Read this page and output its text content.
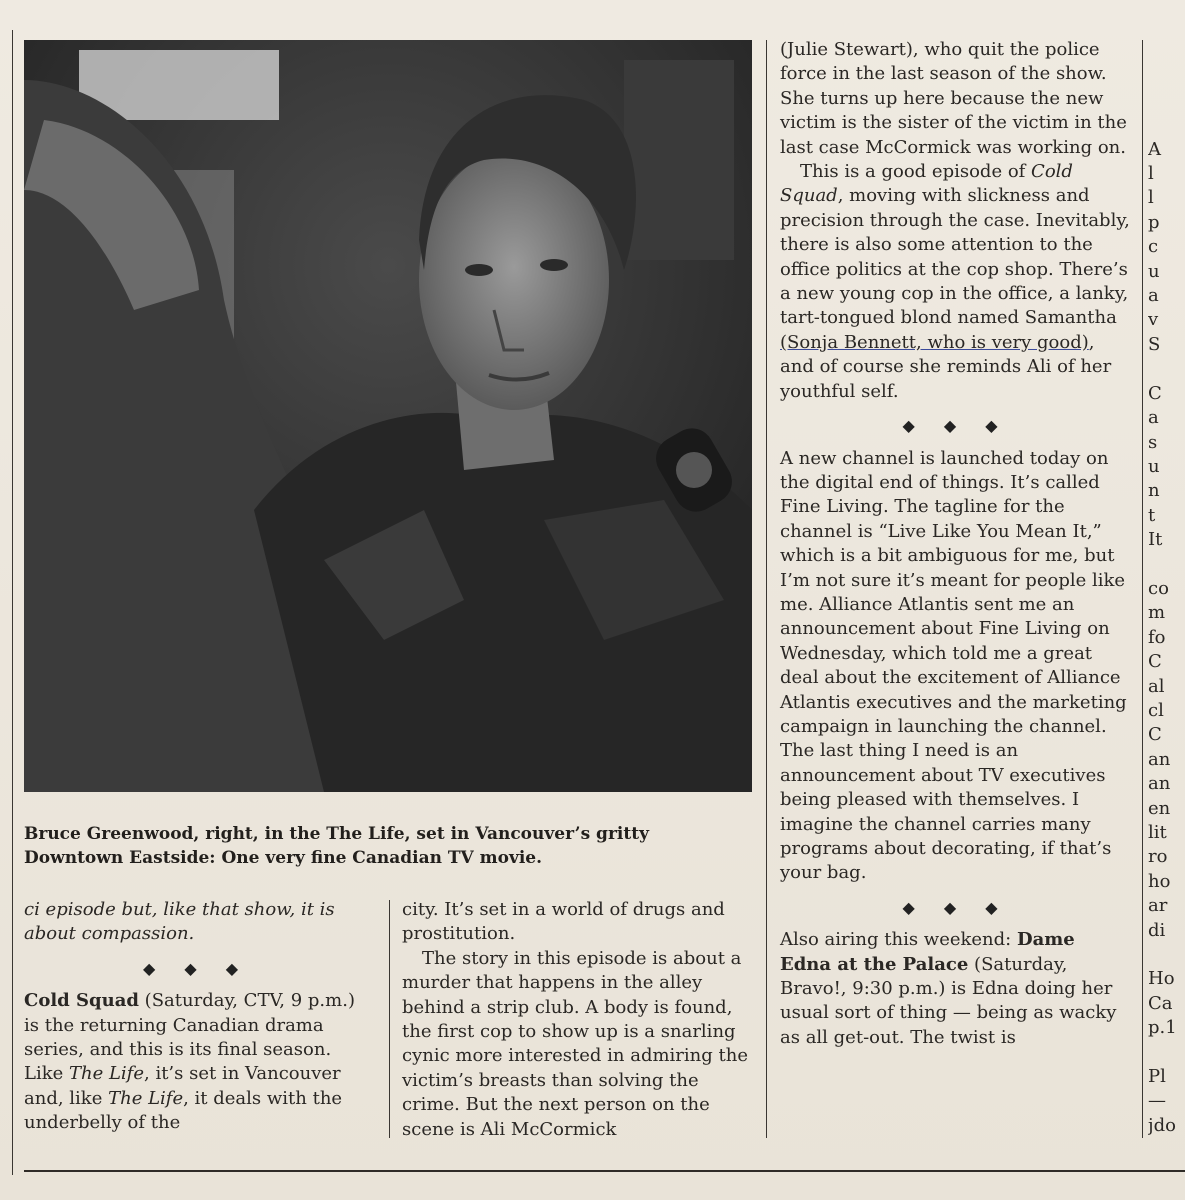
Bruce Greenwood, right, in the The Life, set in Vancouver’s gritty Downtown Eastside: One very fine Canadian TV movie.

ci episode but, like that show, it is about compassion.

◆ ◆ ◆

Cold Squad (Saturday, CTV, 9 p.m.) is the returning Canadian drama series, and this is its final season. Like The Life, it’s set in Vancouver and, like The Life, it deals with the underbelly of the

city. It’s set in a world of drugs and prostitution.

The story in this episode is about a murder that happens in the alley behind a strip club. A body is found, the first cop to show up is a snarling cynic more interested in admiring the victim’s breasts than solving the crime. But the next person on the scene is Ali McCormick

(Julie Stewart), who quit the police force in the last season of the show. She turns up here because the new victim is the sister of the victim in the last case McCormick was working on.

This is a good episode of Cold Squad, moving with slickness and precision through the case. Inevitably, there is also some attention to the office politics at the cop shop. There’s a new young cop in the office, a lanky, tart-tongued blond named Samantha (Sonja Bennett, who is very good), and of course she reminds Ali of her youthful self.

◆ ◆ ◆

A new channel is launched today on the digital end of things. It’s called Fine Living. The tagline for the channel is “Live Like You Mean It,” which is a bit ambiguous for me, but I’m not sure it’s meant for people like me. Alliance Atlantis sent me an announcement about Fine Living on Wednesday, which told me a great deal about the excitement of Alliance Atlantis executives and the marketing campaign in launching the channel. The last thing I need is an announcement about TV executives being pleased with themselves. I imagine the channel carries many programs about decorating, if that’s your bag.

◆ ◆ ◆

Also airing this weekend: Dame Edna at the Palace (Saturday, Bravo!, 9:30 p.m.) is Edna doing her usual sort of thing — being as wacky as all get-out. The twist is

A
l
l
p
c
u
a
v
S

C
a
s
u
n
t
It

co
m
fo
C
al
cl
C
an
an
en
lit
ro
ho
ar
di

Ho
Ca
p.1

Pl
—
jdo
